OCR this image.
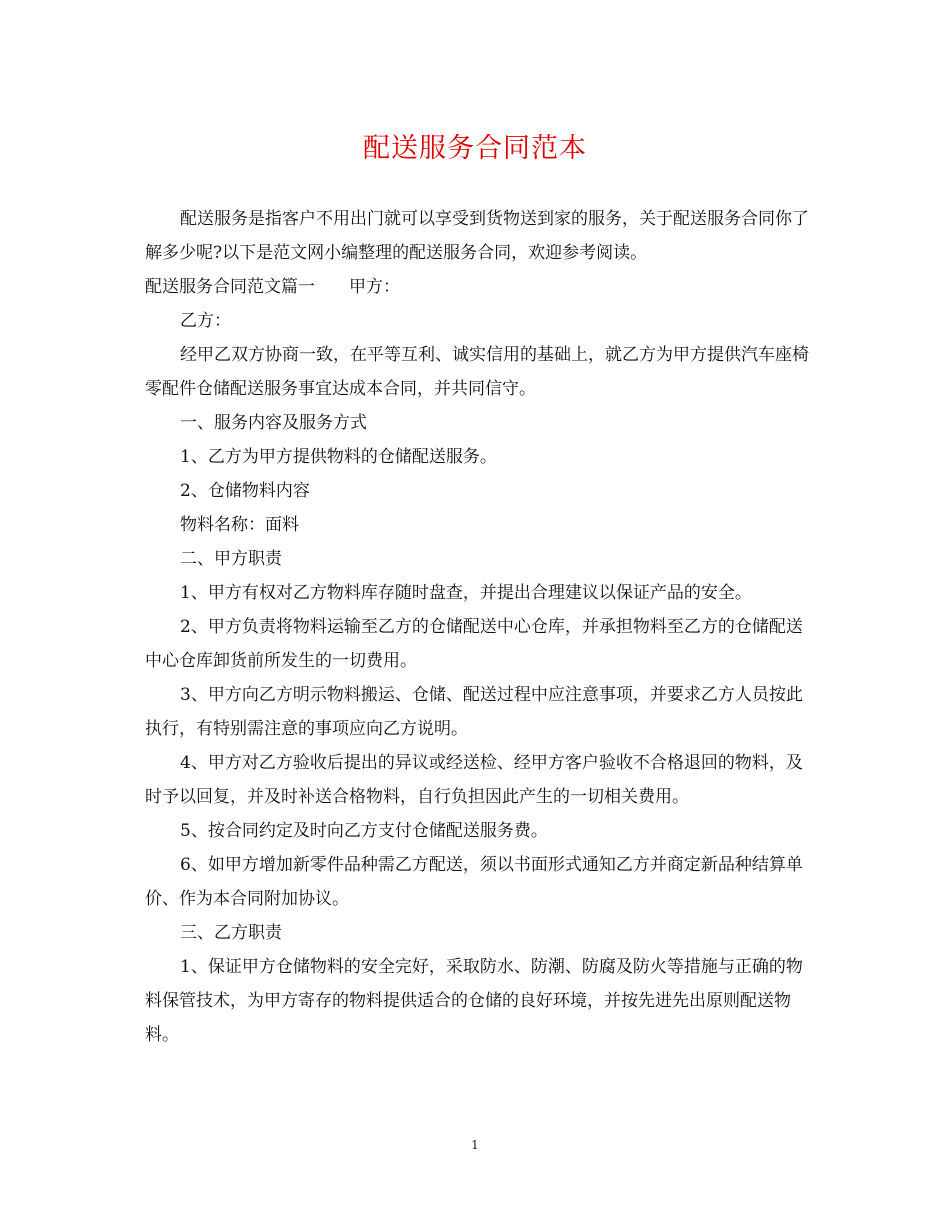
配送服务合同范本

配送服务是指客户不用出门就可以享受到货物送到家的服务，关于配送服务合同你了解多少呢?以下是范文网小编整理的配送服务合同，欢迎参考阅读。

配送服务合同范文篇一 甲方：

乙方：

经甲乙双方协商一致，在平等互利、诚实信用的基础上，就乙方为甲方提供汽车座椅零配件仓储配送服务事宜达成本合同，并共同信守。

一、服务内容及服务方式

1、乙方为甲方提供物料的仓储配送服务。

2、仓储物料内容

物料名称：面料

二、甲方职责

1、甲方有权对乙方物料库存随时盘查，并提出合理建议以保证产品的安全。

2、甲方负责将物料运输至乙方的仓储配送中心仓库，并承担物料至乙方的仓储配送中心仓库卸货前所发生的一切费用。

3、甲方向乙方明示物料搬运、仓储、配送过程中应注意事项，并要求乙方人员按此执行，有特别需注意的事项应向乙方说明。

4、甲方对乙方验收后提出的异议或经送检、经甲方客户验收不合格退回的物料，及时予以回复，并及时补送合格物料，自行负担因此产生的一切相关费用。

5、按合同约定及时向乙方支付仓储配送服务费。

6、如甲方增加新零件品种需乙方配送，须以书面形式通知乙方并商定新品种结算单价、作为本合同附加协议。

三、乙方职责

1、保证甲方仓储物料的安全完好，采取防水、防潮、防腐及防火等措施与正确的物料保管技术，为甲方寄存的物料提供适合的仓储的良好环境，并按先进先出原则配送物料。

1
